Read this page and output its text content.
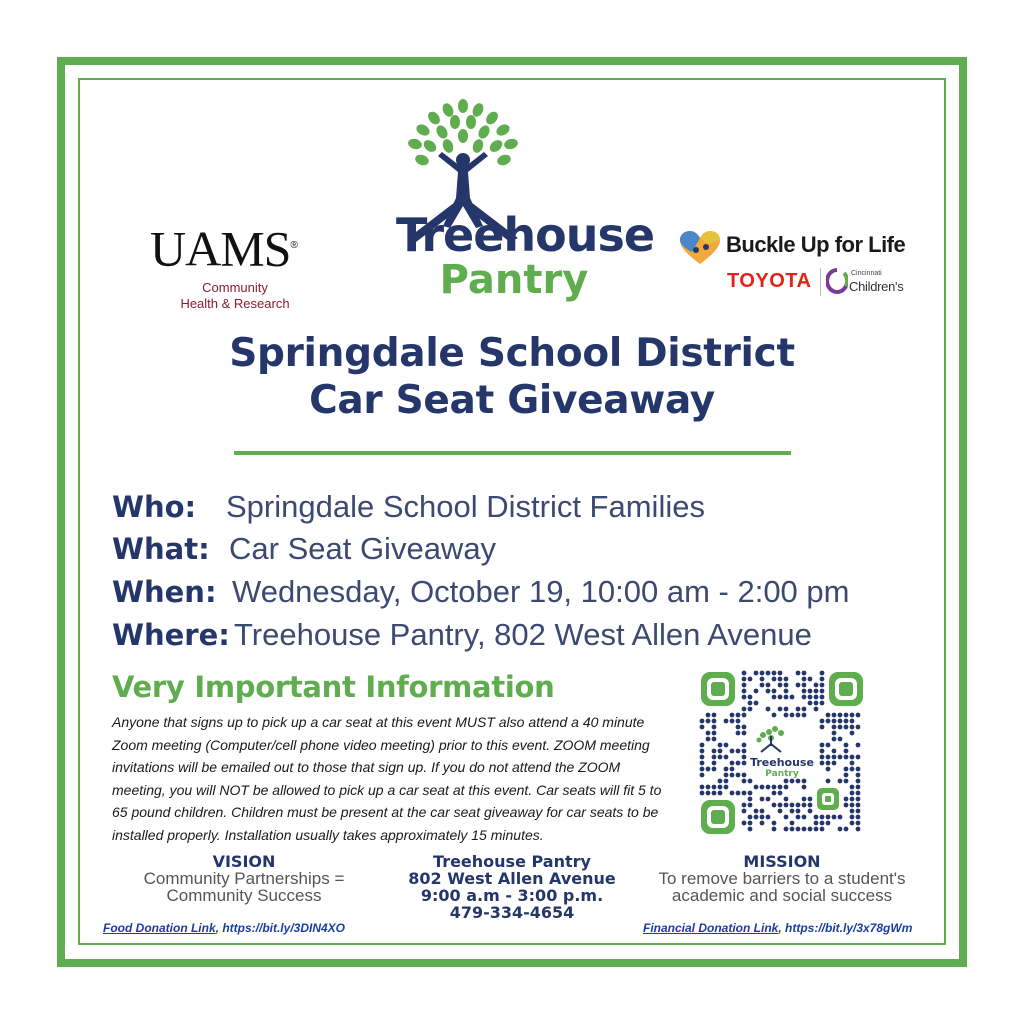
UAMS®
Community
Health & Research
Treehouse
Pantry
Buckle Up for Life
TOYOTA	Cincinnati
Children's
Springdale School District
Car Seat Giveaway
Who: Springdale School District Families
What: Car Seat Giveaway
When: Wednesday, October 19, 10:00 am - 2:00 pm
Where: Treehouse Pantry, 802 West Allen Avenue
Very Important Information
Anyone that signs up to pick up a car seat at this event MUST also attend a 40 minute
Zoom meeting (Computer/cell phone video meeting) prior to this event. ZOOM meeting
invitations will be emailed out to those that sign up. If you do not attend the ZOOM
meeting, you will NOT be allowed to pick up a car seat at this event. Car seats will fit 5 to
65 pound children. Children must be present at the car seat giveaway for car seats to be
installed properly. Installation usually takes approximately 15 minutes.
Treehouse
Pantry
VISION
Community Partnerships =
Community Success
Treehouse Pantry
802 West Allen Avenue
9:00 a.m - 3:00 p.m.
479-334-4654
MISSION
To remove barriers to a student's
academic and social success
Food Donation Link, https://bit.ly/3DIN4XO	Financial Donation Link, https://bit.ly/3x78gWm
